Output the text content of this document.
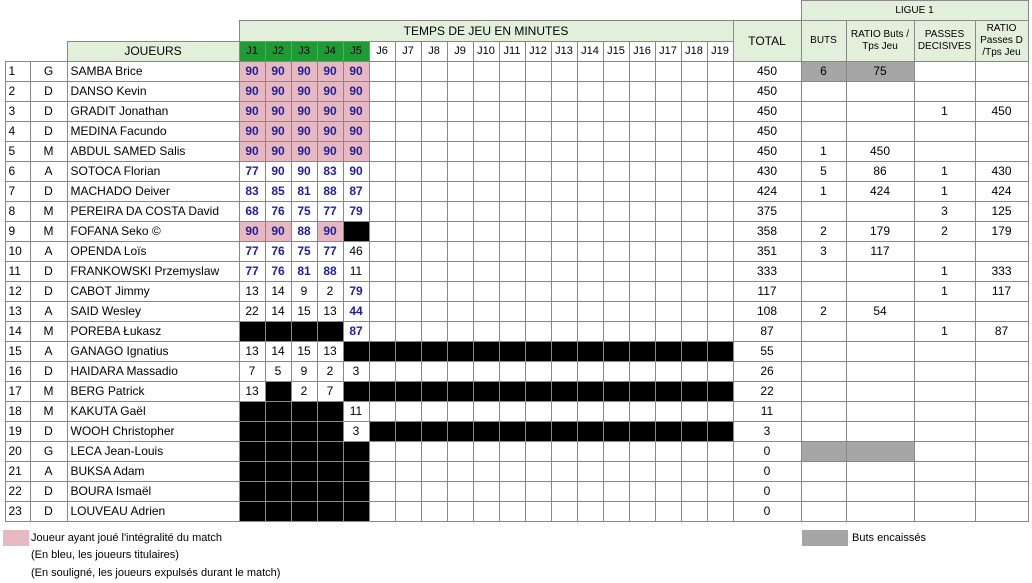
																								LIGUE 1			
				TEMPS DE JEU EN MINUTES																			TOTAL	BUTS	RATIO Buts / Tps Jeu	PASSES DECISIVES	RATIO Passes D /Tps Jeu
			JOUEURS	J1	J2	J3	J4	J5	J6	J7	J8	J9	J10	J11	J12	J13	J14	J15	J16	J17	J18	J19					
	1	G	SAMBA Brice	90	90	90	90	90															450	6	75		
	2	D	DANSO Kevin	90	90	90	90	90															450				
	3	D	GRADIT Jonathan	90	90	90	90	90															450			1	450
	4	D	MEDINA Facundo	90	90	90	90	90															450				
	5	M	ABDUL SAMED Salis	90	90	90	90	90															450	1	450		
	6	A	SOTOCA Florian	77	90	90	83	90															430	5	86	1	430
	7	D	MACHADO Deiver	83	85	81	88	87															424	1	424	1	424
	8	M	PEREIRA DA COSTA David	68	76	75	77	79															375			3	125
	9	M	FOFANA Seko ©	90	90	88	90																358	2	179	2	179
	10	A	OPENDA Loïs	77	76	75	77	46															351	3	117		
	11	D	FRANKOWSKI Przemyslaw	77	76	81	88	11															333			1	333
	12	D	CABOT Jimmy	13	14	9	2	79															117			1	117
	13	A	SAID Wesley	22	14	15	13	44															108	2	54		
	14	M	POREBA Łukasz					87															87			1	87
	15	A	GANAGO Ignatius	13	14	15	13																55				
	16	D	HAIDARA Massadio	7	5	9	2	3															26				
	17	M	BERG Patrick	13		2	7																22				
	18	M	KAKUTA Gaël					11															11				
	19	D	WOOH Christopher					3															3				
	20	G	LECA Jean-Louis																				0				
	21	A	BUKSA Adam																				0				
	22	D	BOURA Ismaël																				0				
	23	D	LOUVEAU Adrien																				0				
Joueur ayant joué l'intégralité du match
(En bleu, les joueurs titulaires)
(En souligné, les joueurs expulsés durant le match)
Buts encaissés
